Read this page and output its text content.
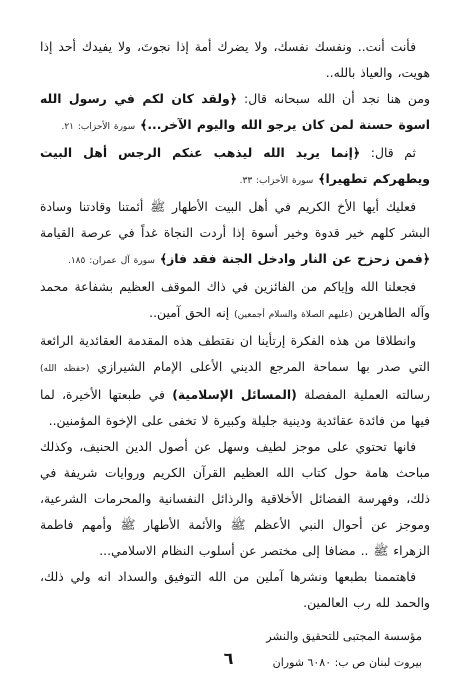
فأنت أنت.. ونفسك نفسك، ولا يضرك أمة إذا نجوتَ، ولا يفيدك أحد إذا هويت، والعياذ بالله..

ومن هنا نجد أن الله سبحانه قال: ﴿ولقد كان لكم في رسول الله اسوة حسنة لمن كان يرجو الله واليوم الآخر...﴾ سورة الأحزاب: ٢١.

ثم قال: ﴿إنما يريد الله ليذهب عنكم الرجس أهل البيت ويطهركم تطهيرا﴾ سورة الأحزاب: ٣٣.

فعليك أيها الأخ الكريم في أهل البيت الأطهار ﷺ أئمتنا وقادتنا وسادة البشر كلهم خير قدوة وخير أسوة إذا أردت النجاة غداً في عرصة القيامة ﴿فمن زحزح عن النار وادخل الجنة فقد فاز﴾ سورة آل عمران: ١٨٥.

فجعلنا الله وإياكم من الفائزين في ذاك الموقف العظيم بشفاعة محمد وآله الطاهرين (عليهم الصلاة والسلام أجمعين) إنه الحق آمين..

وانطلاقا من هذه الفكرة إرتأينا ان نقتطف هذه المقدمة العقائدية الرائعة التي صدر بها سماحة المرجع الديني الأعلى الإمام الشيرازي (حفظه الله) رسالته العملية المفصلة (المسائل الإسلامية) في طبعتها الأخيرة، لما فيها من فائدة عقائدية ودينية جليلة وكبيرة لا تخفى على الإخوة المؤمنين..

فانها تحتوي على موجز لطيف وسهل عن أصول الدين الحنيف، وكذلك مباحث هامة حول كتاب الله العظيم القرآن الكريم وروايات شريفة في ذلك، وفهرسة الفضائل الأخلاقية والرذائل النفسانية والمحرمات الشرعية، وموجز عن أحوال النبي الأعظم ﷺ والأئمة الأطهار ﷺ وأمهم فاطمة الزهراء ﷺ .. مضافا إلى مختصر عن أسلوب النظام الاسلامي...

فاهتممنا بطبعها ونشرها آملين من الله التوفيق والسداد انه ولي ذلك، والحمد لله رب العالمين.

مؤسسة المجتبى للتحقيق والنشر

بيروت لبنان ص ب: ٦٠٨٠ شوران

٦
